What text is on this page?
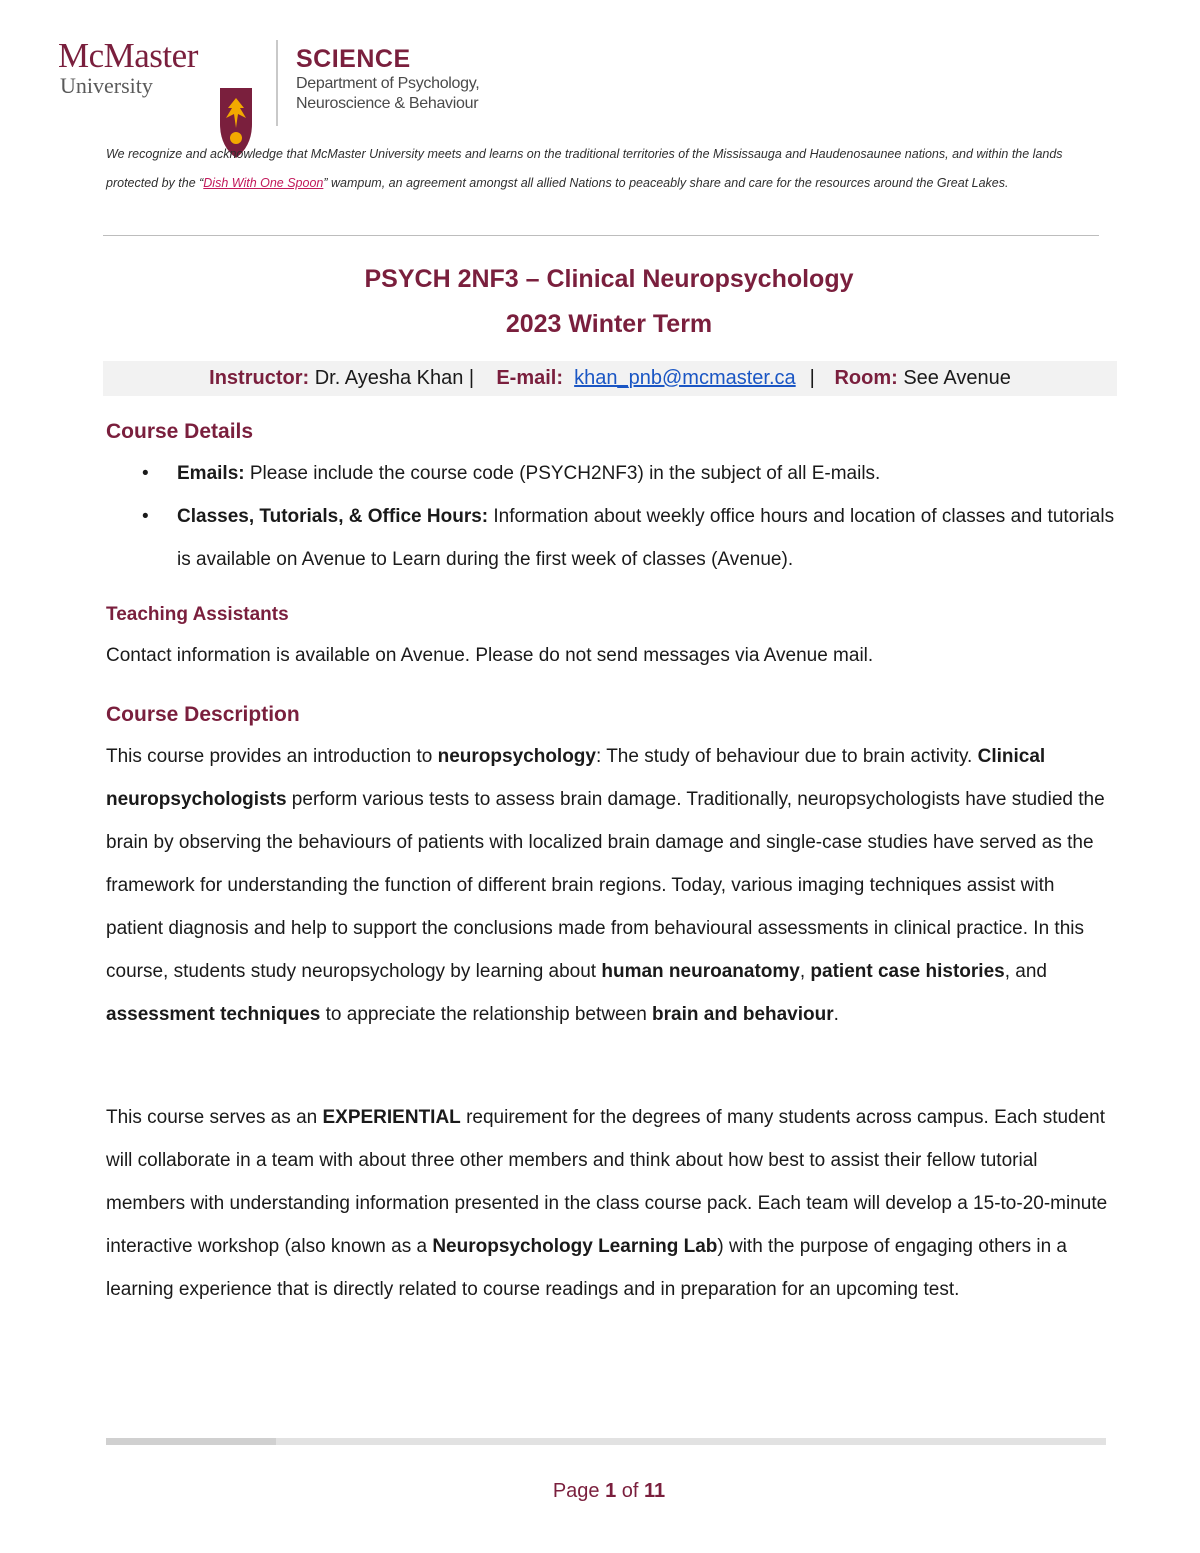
McMaster
University
SCIENCE
Department of Psychology,
Neuroscience & Behaviour

We recognize and acknowledge that McMaster University meets and learns on the traditional territories of the Mississauga and Haudenosaunee nations, and within the lands protected by the “Dish With One Spoon” wampum, an agreement amongst all allied Nations to peaceably share and care for the resources around the Great Lakes.

PSYCH 2NF3 – Clinical Neuropsychology
2023 Winter Term
Instructor: Dr. Ayesha Khan | E-mail: khan_pnb@mcmaster.ca | Room: See Avenue
Course Details
• Emails: Please include the course code (PSYCH2NF3) in the subject of all E-mails.
• Classes, Tutorials, & Office Hours: Information about weekly office hours and location of classes and tutorials is available on Avenue to Learn during the first week of classes (Avenue).
Teaching Assistants

Contact information is available on Avenue. Please do not send messages via Avenue mail.

Course Description

This course provides an introduction to neuropsychology: The study of behaviour due to brain activity. Clinical neuropsychologists perform various tests to assess brain damage. Traditionally, neuropsychologists have studied the brain by observing the behaviours of patients with localized brain damage and single-case studies have served as the framework for understanding the function of different brain regions. Today, various imaging techniques assist with patient diagnosis and help to support the conclusions made from behavioural assessments in clinical practice. In this course, students study neuropsychology by learning about human neuroanatomy, patient case histories, and assessment techniques to appreciate the relationship between brain and behaviour.

This course serves as an EXPERIENTIAL requirement for the degrees of many students across campus. Each student will collaborate in a team with about three other members and think about how best to assist their fellow tutorial members with understanding information presented in the class course pack. Each team will develop a 15-to-20-minute interactive workshop (also known as a Neuropsychology Learning Lab) with the purpose of engaging others in a learning experience that is directly related to course readings and in preparation for an upcoming test.

Page 1 of 11
